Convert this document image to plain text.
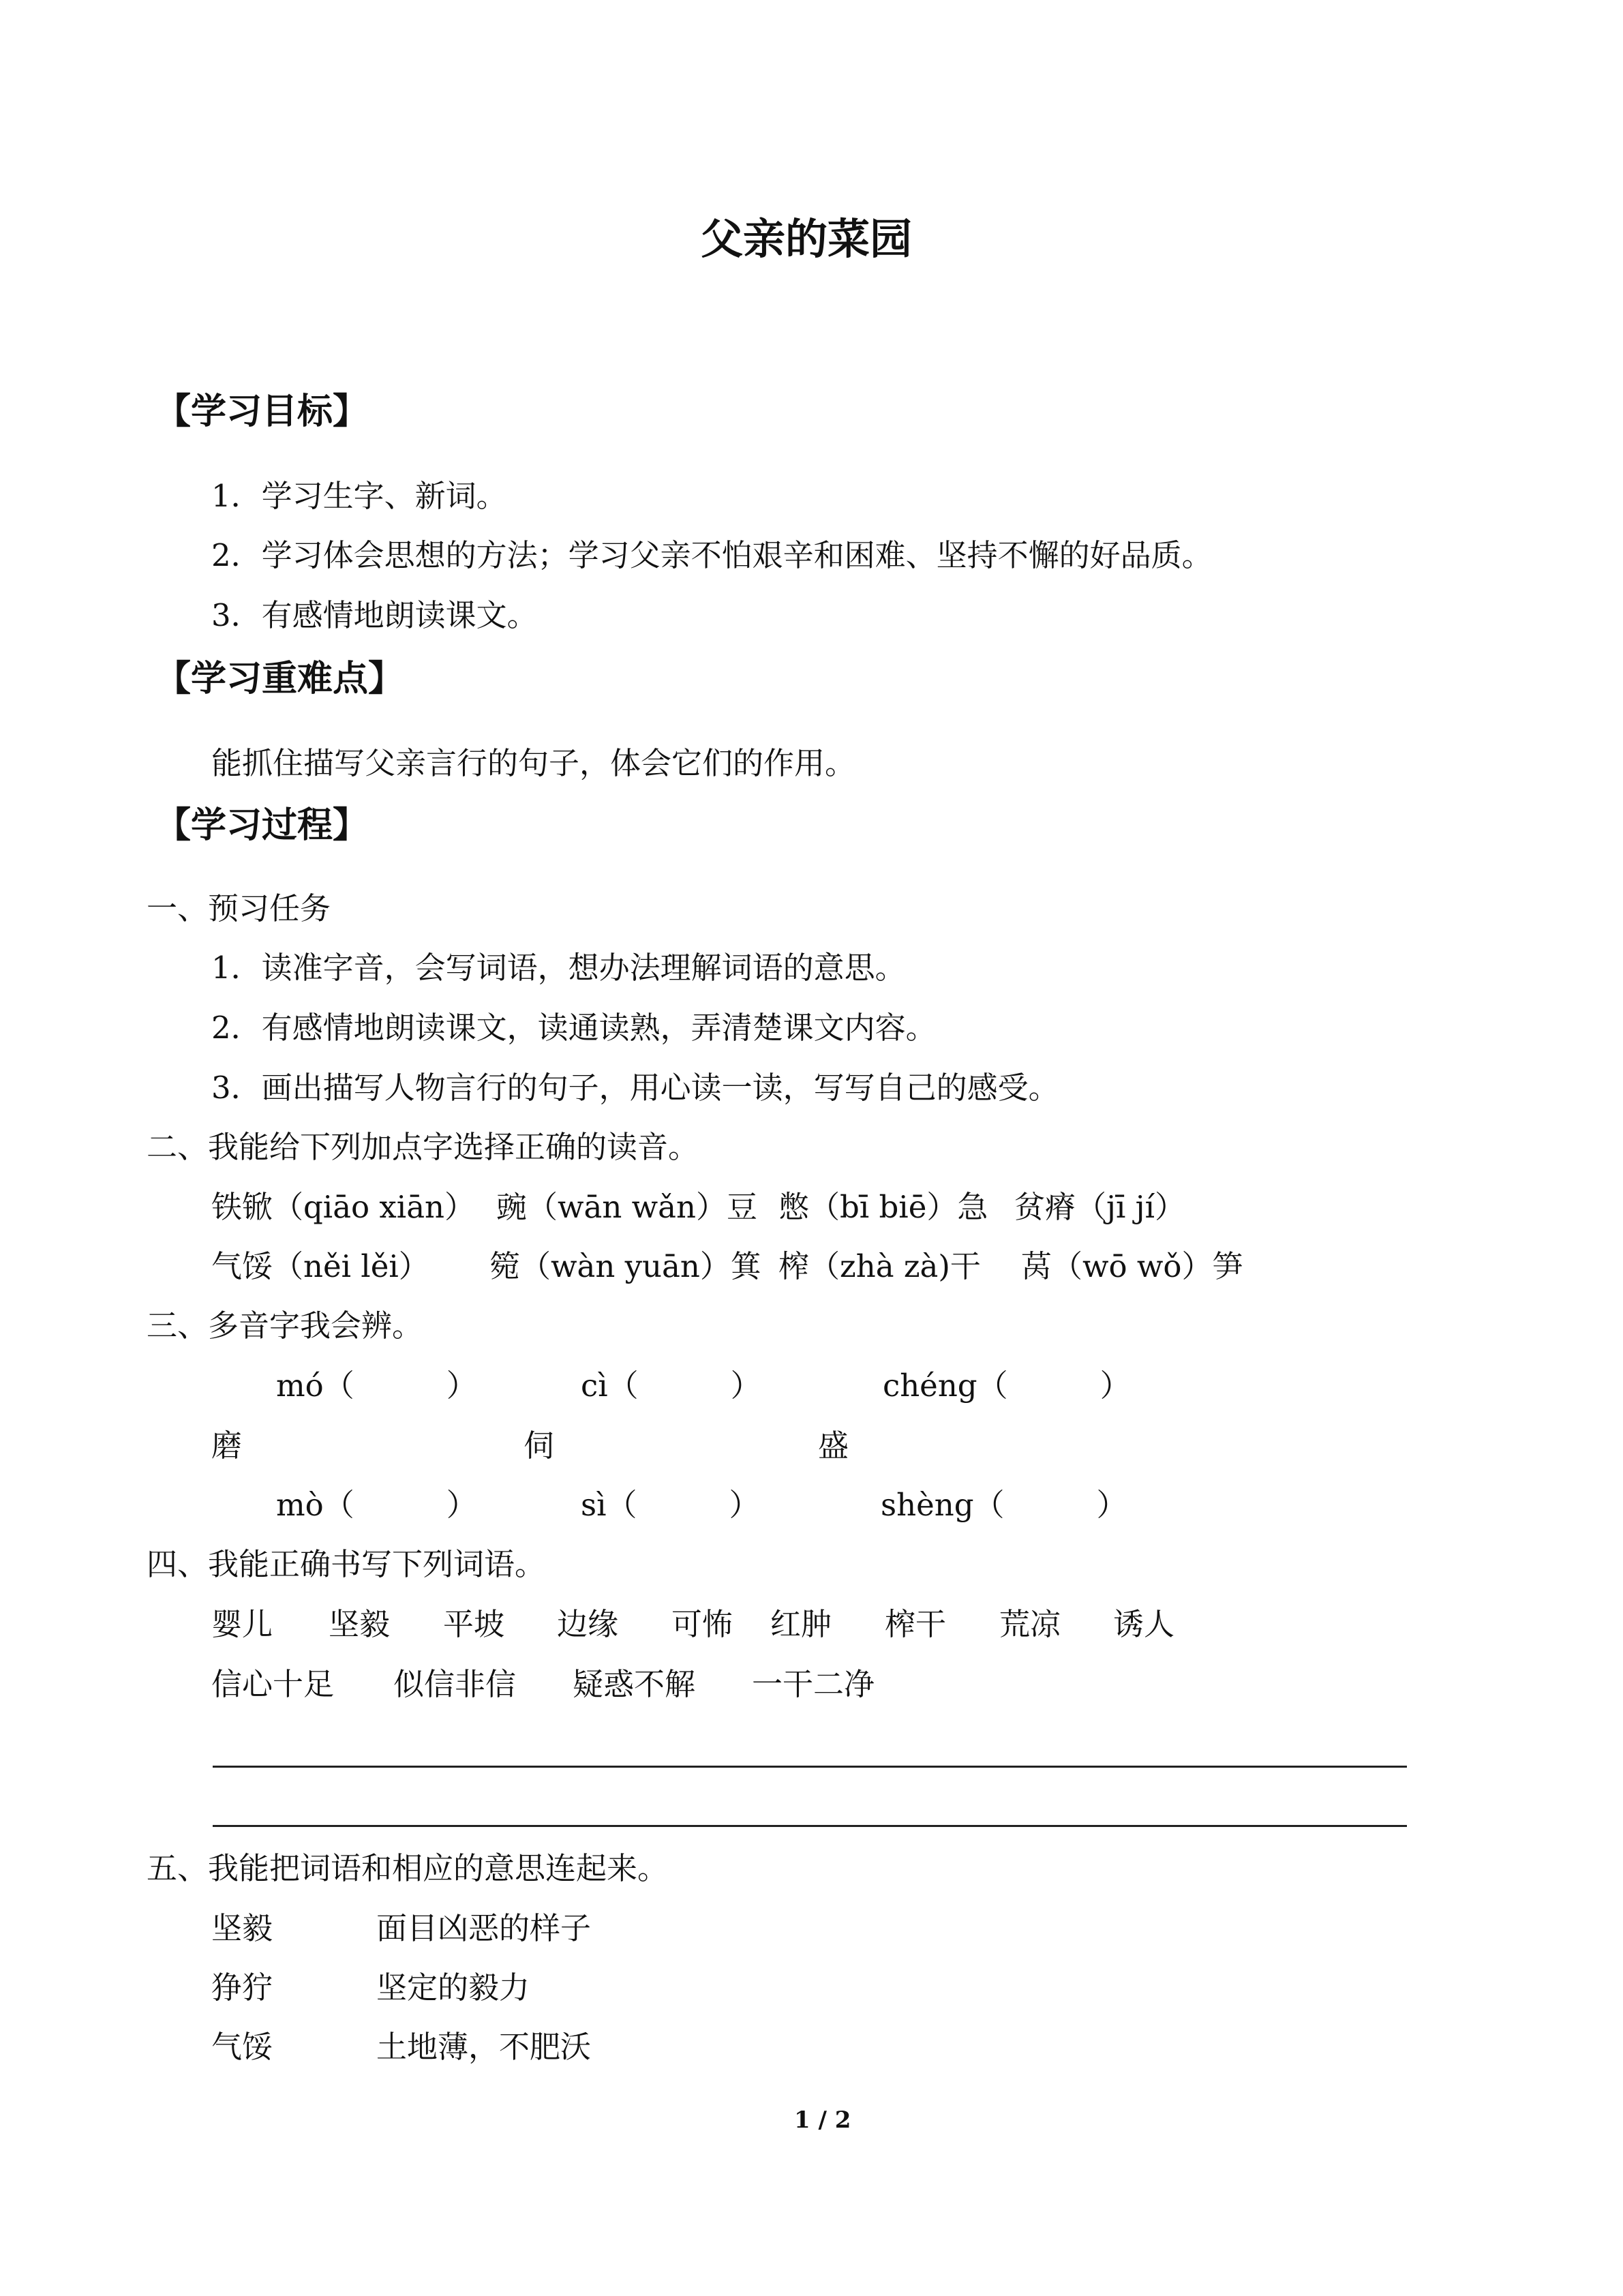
父亲的菜园
【学习目标】
1．学习生字、新词。
2．学习体会思想的方法；学习父亲不怕艰辛和困难、坚持不懈的好品质。
3．有感情地朗读课文。
【学习重难点】
能抓住描写父亲言行的句子，体会它们的作用。
【学习过程】
一、预习任务
1．读准字音，会写词语，想办法理解词语的意思。
2．有感情地朗读课文，读通读熟，弄清楚课文内容。
3．画出描写人物言行的句子，用心读一读，写写自己的感受。
二、我能给下列加点字选择正确的读音。
铁锨（qiāo xiān） 豌（wān wǎn）豆 憋（bī biē）急 贫瘠（jī jí）
气馁（něi lěi） 箢（wàn yuān）箕 榨（zhà zà)干 莴（wō wǒ）笋
三、多音字我会辨。
mó（　　　）	cì（　　　）	chéng（　　　）
磨	伺	盛
mò（　　　）	sì（　　　）	shèng（　　　）
四、我能正确书写下列词语。
婴儿 坚毅 平坡 边缘 可怖 红肿 榨干 荒凉 诱人
信心十足 似信非信 疑惑不解 一干二净
五、我能把词语和相应的意思连起来。
坚毅	面目凶恶的样子
狰狞	坚定的毅力
气馁	土地薄，不肥沃
1 / 2
